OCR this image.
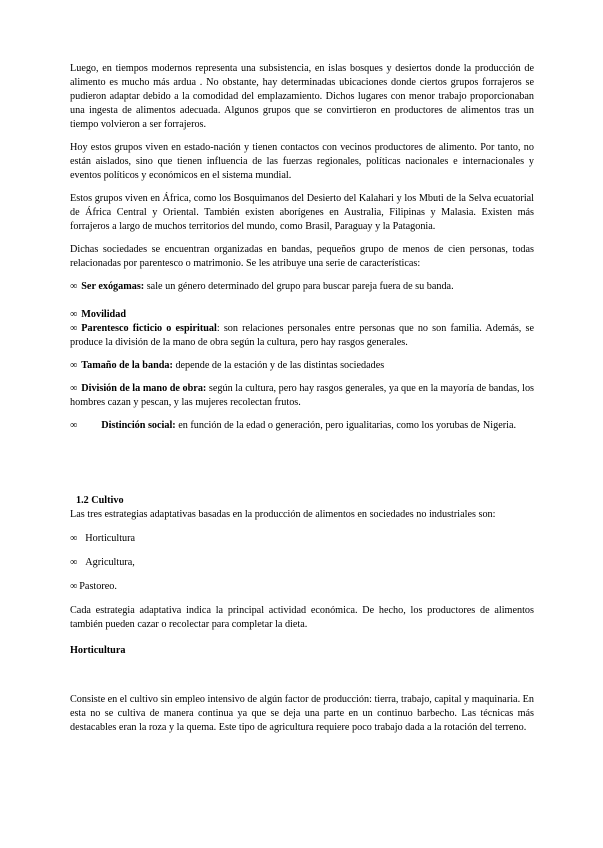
Luego, en tiempos modernos representa una subsistencia, en islas bosques y desiertos donde la producción de alimento es mucho más ardua . No obstante, hay determinadas ubicaciones donde ciertos grupos forrajeros se pudieron adaptar debido a la comodidad del emplazamiento. Dichos lugares con menor trabajo proporcionaban una ingesta de alimentos adecuada. Algunos grupos que se convirtieron en productores de alimentos tras un tiempo volvieron a ser forrajeros.

Hoy estos grupos viven en estado-nación y tienen contactos con vecinos productores de alimento. Por tanto, no están aislados, sino que tienen influencia de las fuerzas regionales, políticas nacionales e internacionales y eventos políticos y económicos en el sistema mundial.

Estos grupos viven en África, como los Bosquimanos del Desierto del Kalahari y los Mbuti de la Selva ecuatorial de África Central y Oriental. También existen aborígenes en Australia, Filipinas y Malasia. Existen más forrajeros a largo de muchos territorios del mundo, como Brasil, Paraguay y la Patagonia.

Dichas sociedades se encuentran organizadas en bandas, pequeños grupo de menos de cien personas, todas relacionadas por parentesco o matrimonio. Se les atribuye una serie de características:

∞ Ser exógamas: sale un género determinado del grupo para buscar pareja fuera de su banda.

∞ Movilidad

∞ Parentesco ficticio o espiritual: son relaciones personales entre personas que no son familia. Además, se produce la división de la mano de obra según la cultura, pero hay rasgos generales.

∞ Tamaño de la banda: depende de la estación y de las distintas sociedades

∞ División de la mano de obra: según la cultura, pero hay rasgos generales, ya que en la mayoría de bandas, los hombres cazan y pescan, y las mujeres recolectan frutos.

∞ Distinción social: en función de la edad o generación, pero igualitarias, como los yorubas de Nigeria.

1.2 Cultivo

Las tres estrategias adaptativas basadas en la producción de alimentos en sociedades no industriales son:

∞ Horticultura

∞ Agricultura,

∞ Pastoreo.

Cada estrategia adaptativa indica la principal actividad económica. De hecho, los productores de alimentos también pueden cazar o recolectar para completar la dieta.

Horticultura

Consiste en el cultivo sin empleo intensivo de algún factor de producción: tierra, trabajo, capital y maquinaria. En esta no se cultiva de manera continua ya que se deja una parte en un continuo barbecho. Las técnicas más destacables eran la roza y la quema. Este tipo de agricultura requiere poco trabajo dada a la rotación del terreno.
